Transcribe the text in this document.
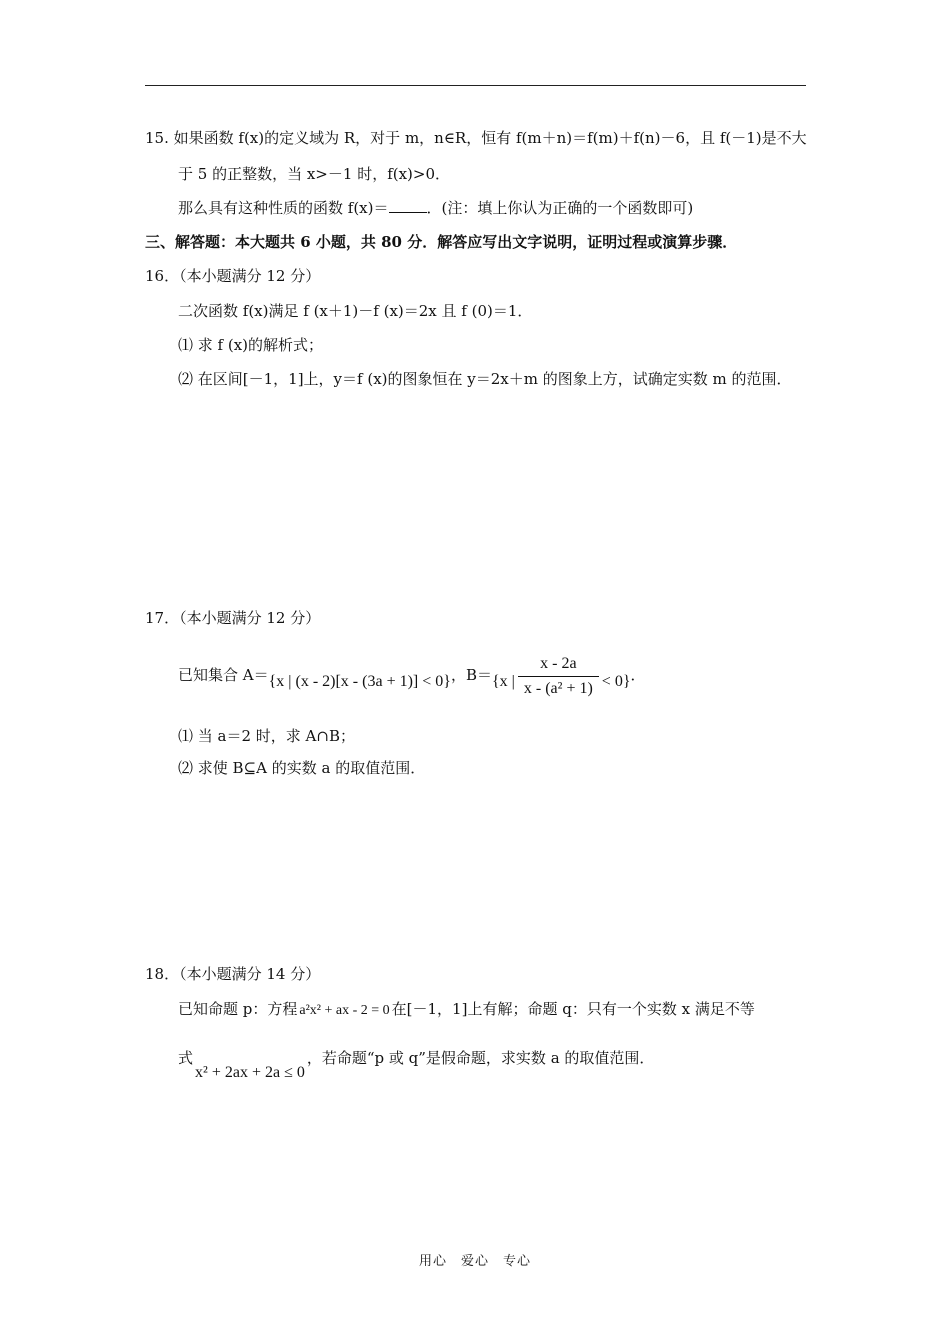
15. 如果函数 f(x)的定义域为 R，对于 m，n∈R，恒有 f(m＋n)＝f(m)＋f(n)－6，且 f(－1)是不大
于 5 的正整数，当 x>－1 时，f(x)>0．
那么具有这种性质的函数 f(x)＝	．(注：填上你认为正确的一个函数即可)
三、解答题：本大题共 6 小题，共 80 分．解答应写出文字说明，证明过程或演算步骤．
16．（本小题满分 12 分）
二次函数 f(x)满足 f (x＋1)－f (x)＝2x 且 f (0)＝1．
⑴ 求 f (x)的解析式；
⑵ 在区间[－1，1]上，y＝f (x)的图象恒在 y＝2x＋m 的图象上方，试确定实数 m 的范围．
17．（本小题满分 12 分）
已知集合 A＝{x | (x - 2)[x - (3a + 1)] < 0}，B＝{x | $\frac{x - 2a}{\text{x - (a² + 1)}} < 0$}．
⑴ 当 a＝2 时，求 A∩B；
⑵ 求使 B⊆A 的实数 a 的取值范围．
18．（本小题满分 14 分）
已知命题 p：方程 a²x² + ax - 2 = 0 在[－1，1]上有解；命题 q：只有一个实数 x 满足不等
式x² + 2ax + 2a ≤ 0，若命题“p 或 q”是假命题，求实数 a 的取值范围．
用心　爱心　专心
